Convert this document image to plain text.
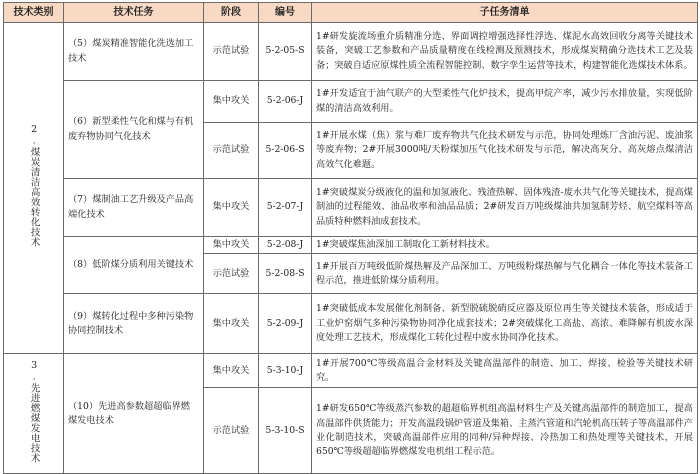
技术类别	技术任务	阶段	编号	子任务清单
2.煤炭清洁高效转化技术	（5）煤炭精准智能化洗选加工技术	示范试验	5-2-05-S	1#研发旋流场重介质精准分选、界面调控增强选择性浮选、煤泥水高效回收分离等关键技术装备，突破工艺参数和产品质量精度在线检测及预测技术，形成煤炭精确分选技术工艺及装备；突破自适应原煤性质全流程智能控制、数字孪生运营等技术，构建智能化选煤技术体系。
	（6）新型柔性气化和煤与有机废弃物协同气化技术	集中攻关	5-2-06-J	1#开发适宜于油气联产的大型柔性气化炉技术，提高甲烷产率，减少污水排放量，实现低阶煤的清洁高效利用。
		示范试验	5-2-06-S	1#开展水煤（焦）浆与难厂废弃物共气化技术研发与示范，协同处理炼厂含油污泥、废油浆等废弃物；2#开展3000吨/天粉煤加压气化技术研发与示范，解决高灰分、高灰熔点煤清洁高效气化难题。
	（7）煤制油工艺升级及产品高端化技术	集中攻关	5-2-07-J	1#突破煤炭分级液化的温和加氢液化、残渣热解、固体残渣-废水共气化等关键技术，提高煤制油的过程能效、油品收率和油品品质；2#研发百万吨级煤油共加氢制芳烃、航空煤料等高品质特种燃料油成套技术。
	（8）低阶煤分质利用关键技术	集中攻关	5-2-08-J	1#突破煤焦油深加工制取化工新材料技术。
		示范试验	5-2-08-S	1#开展百万吨级低阶煤热解及产品深加工、万吨级粉煤热解与气化耦合一体化等技术装备工程示范，推进低阶煤分质利用。
	（9）煤转化过程中多种污染物协同控制技术	集中攻关	5-2-09-J	1#突破低成本发展催化剂制备、新型脱硫脱硝反应器及原位再生等关键技术装备，形成适于工业炉窑烟气多种污染物协同净化成套技术；2#突破煤化工高盐、高浓、难降解有机废水深度处理工艺技术，形成煤化工转化过程中废水协同净化技术。
3.先进燃煤发电技术	（10）先进高参数超超临界燃煤发电技术	集中攻关	5-3-10-J	1#开展700℃等级高温合金材料及关键高温部件的制造、加工、焊接、检验等关键技术研究。
		示范试验	5-3-10-S	1#研发650℃等级蒸汽参数的超超临界机组高温材料生产及关键高温部件的制造加工，提高高温部件供货能力；开发高温段锅炉管道及集箱、主蒸汽管道和汽轮机高压转子等高温部件产业化制造技术，突破高温部件应用的同种/异种焊接、冷热加工和热处理等关键技术，开展650℃等级超超临界燃煤发电机组工程示范。
